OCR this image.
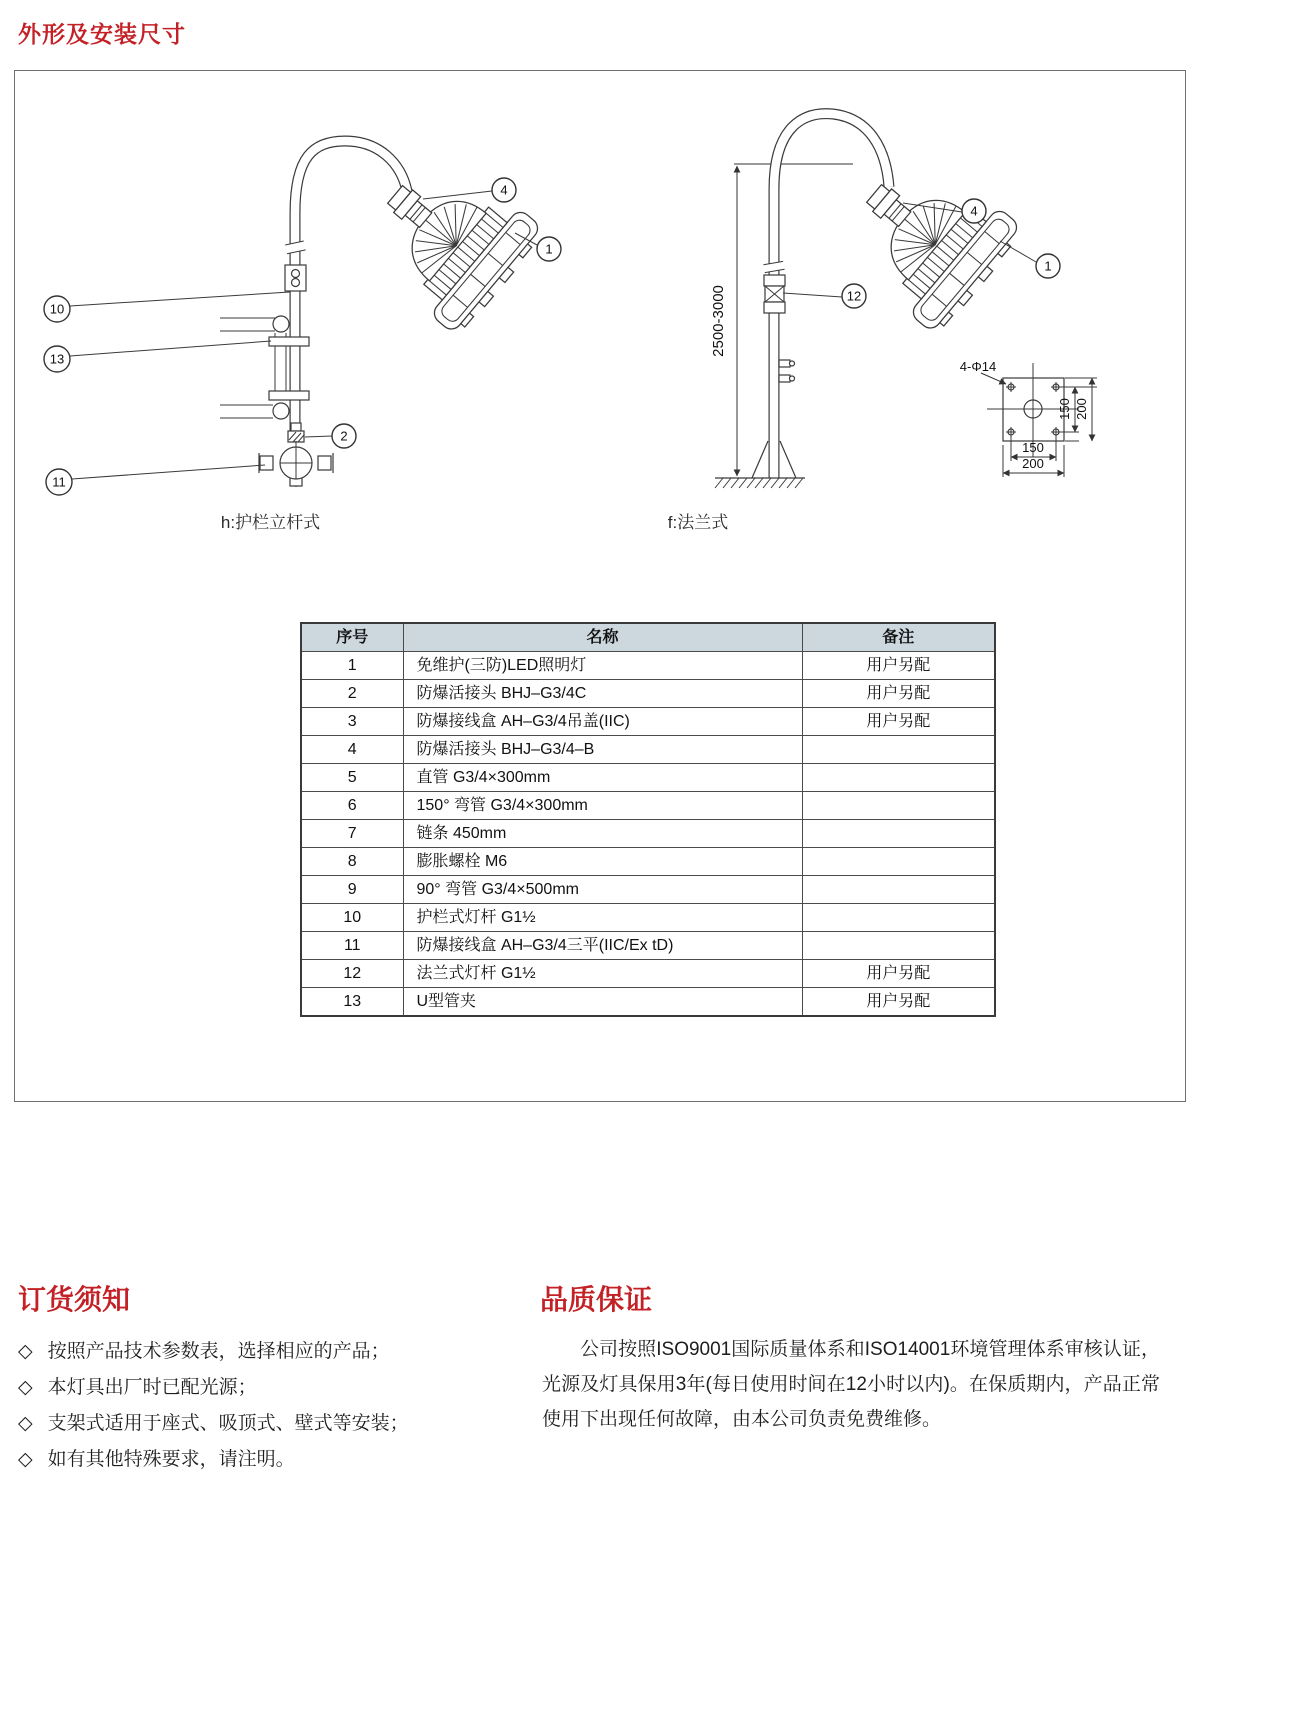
外形及安装尺寸
4
1
10
13
2
11
2500-3000
4
1
12
4-Φ14
150 200
150
200
h:护栏立杆式	f:法兰式
序号	名称	备注
1	免维护(三防)LED照明灯	用户另配
2	防爆活接头 BHJ–G3/4C	用户另配
3	防爆接线盒 AH–G3/4吊盖(IIC)	用户另配
4	防爆活接头 BHJ–G3/4–B	
5	直管 G3/4×300mm	
6	150° 弯管 G3/4×300mm	
7	链条 450mm	
8	膨胀螺栓 M6	
9	90° 弯管 G3/4×500mm	
10	护栏式灯杆 G1½	
11	防爆接线盒 AH–G3/4三平(IIC/Ex tD)	
12	法兰式灯杆 G1½	用户另配
13	U型管夹	用户另配
订货须知
◇ 按照产品技术参数表，选择相应的产品；
◇ 本灯具出厂时已配光源；
◇ 支架式适用于座式、吸顶式、壁式等安装；
◇ 如有其他特殊要求，请注明。
品质保证
公司按照ISO9001国际质量体系和ISO14001环境管理体系审核认证，光源及灯具保用3年(每日使用时间在12小时以内)。在保质期内，产品正常使用下出现任何故障，由本公司负责免费维修。
